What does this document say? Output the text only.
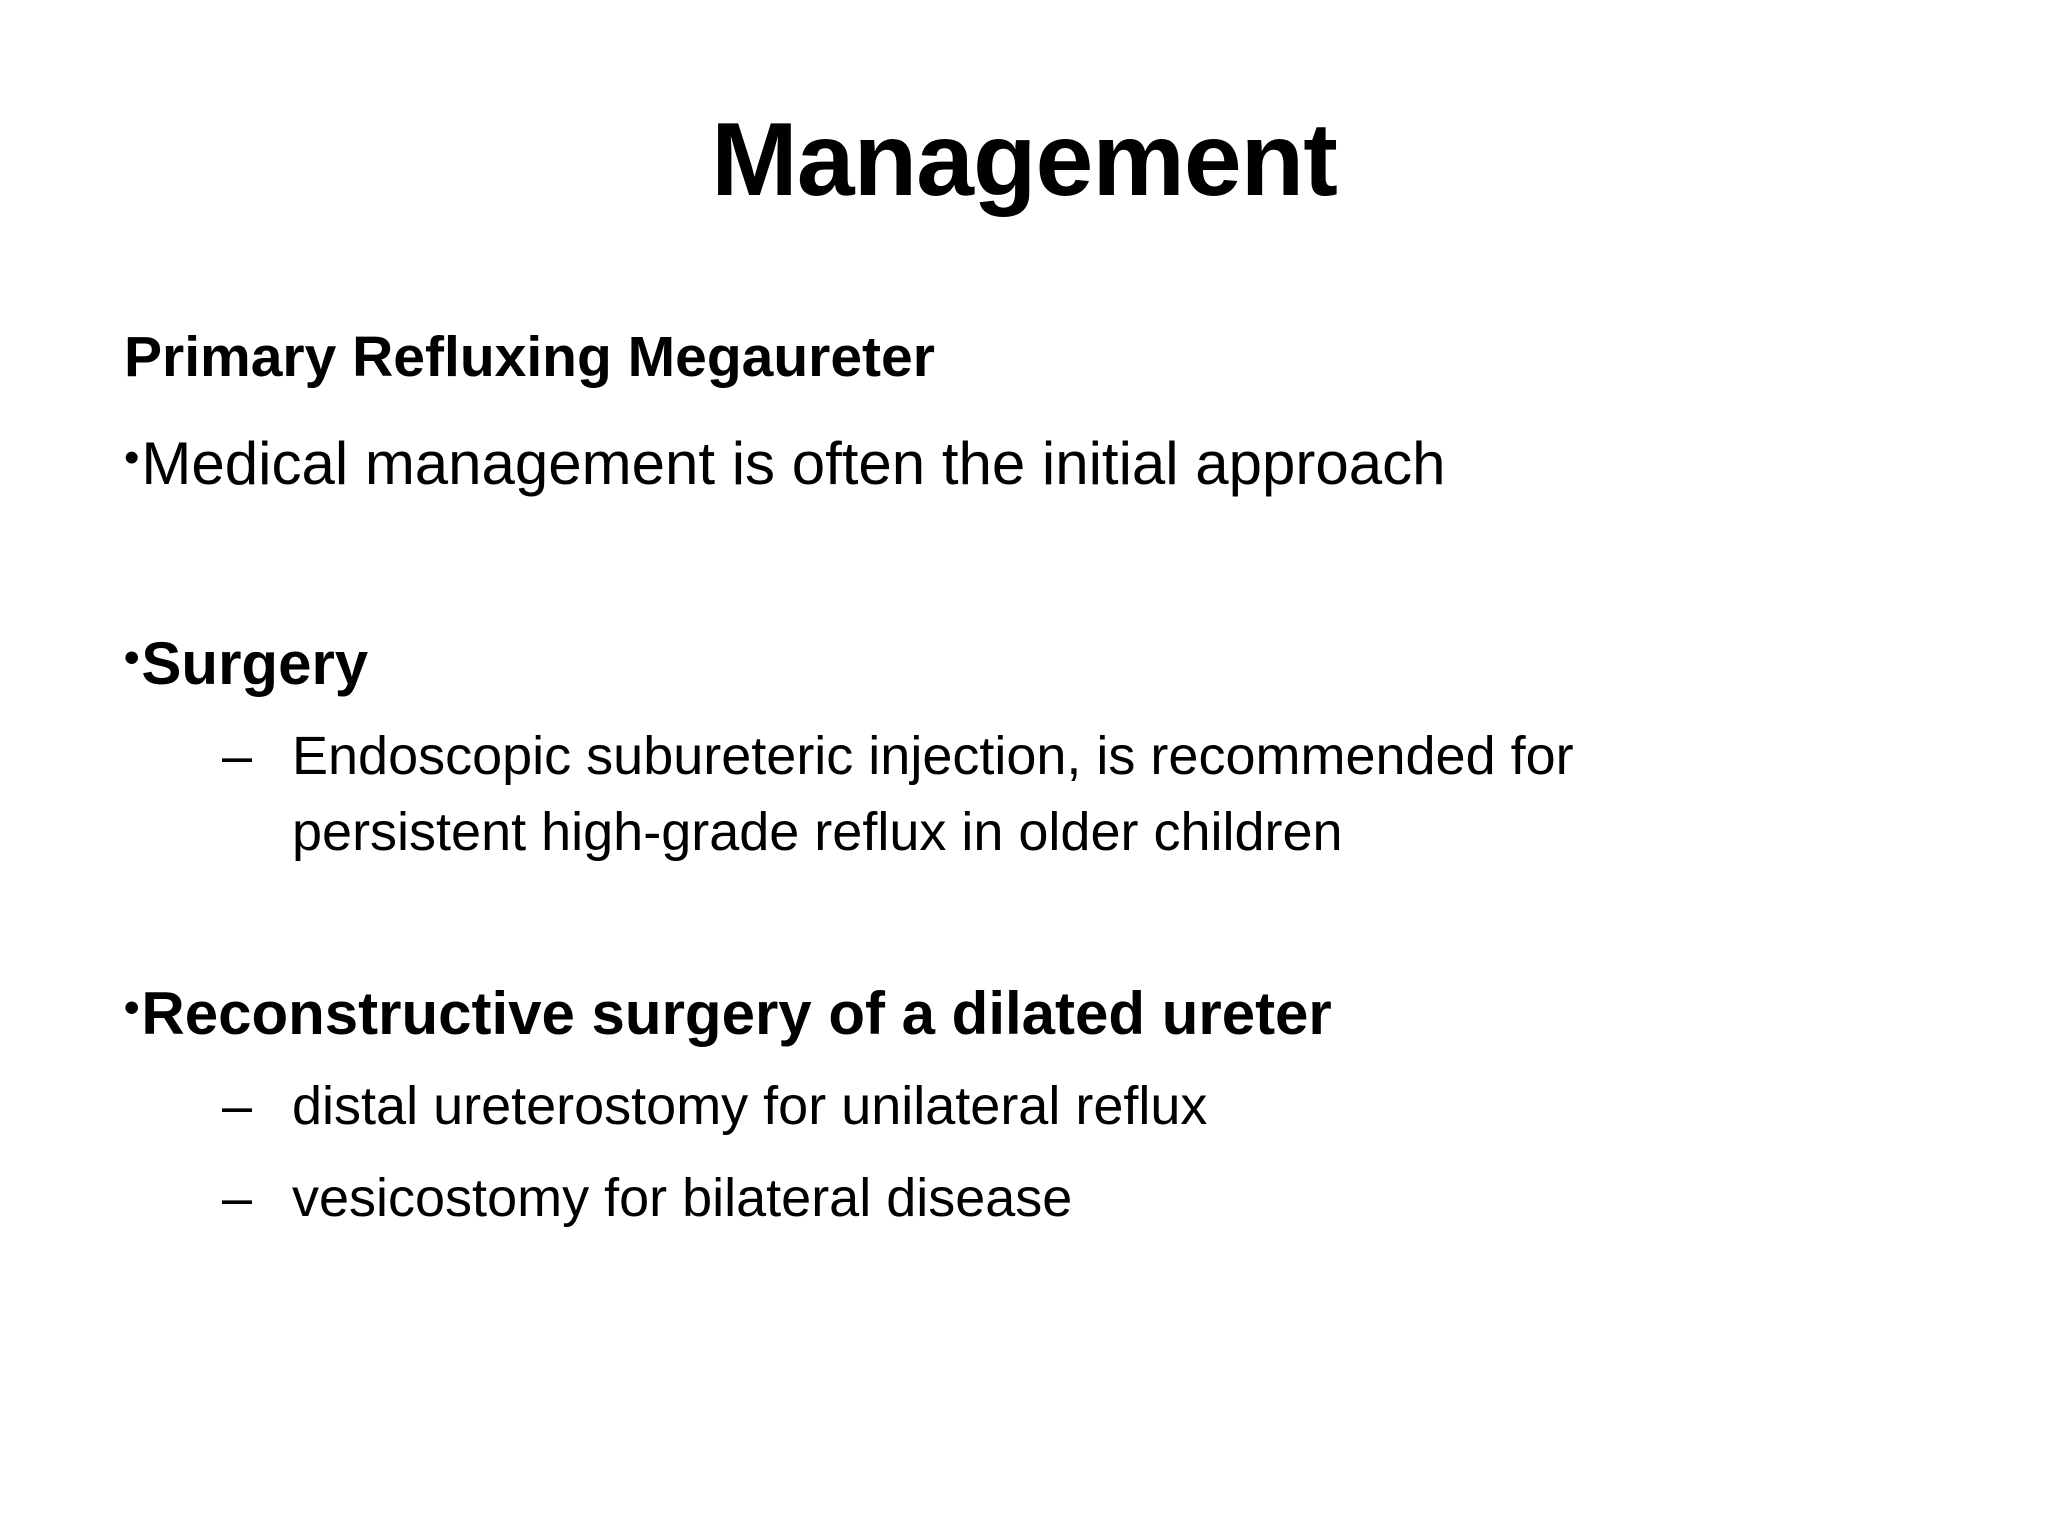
Management
Primary Refluxing Megaureter
•Medical management is often the initial approach
•Surgery
– Endoscopic subureteric injection, is recommended for persistent high-grade reflux in older children
•Reconstructive surgery of a dilated ureter
– distal ureterostomy for unilateral reflux
– vesicostomy for bilateral disease
